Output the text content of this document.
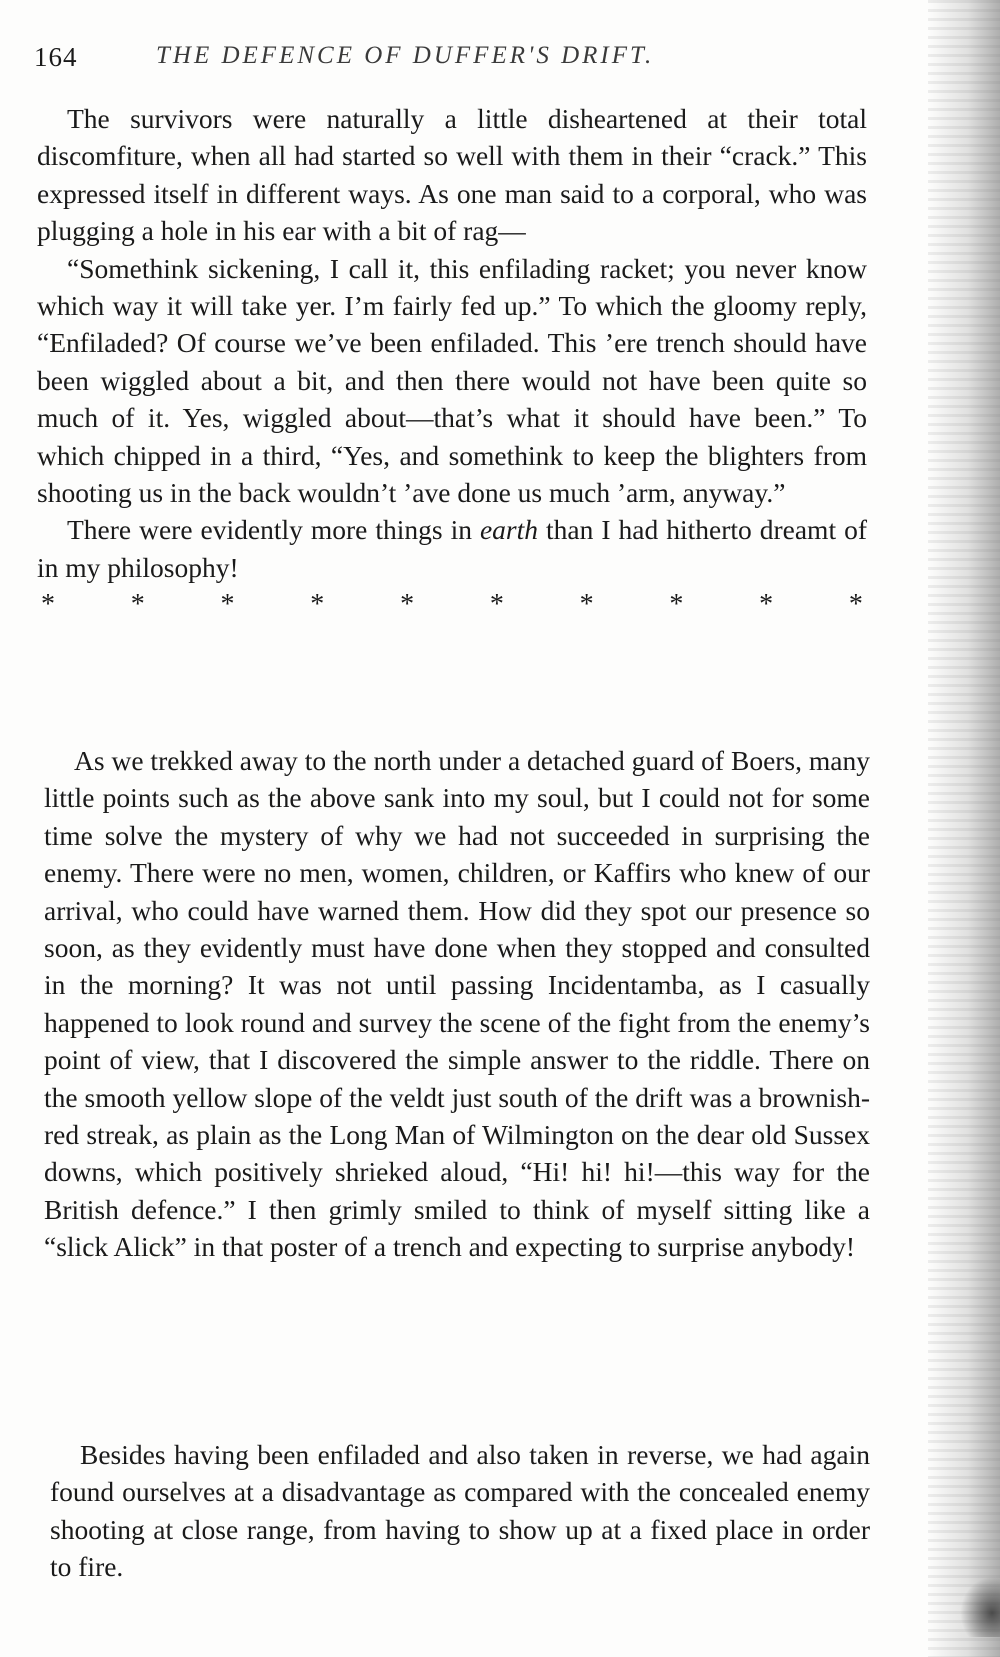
164	THE DEFENCE OF DUFFER'S DRIFT.

The survivors were naturally a little disheartened at their total discomfiture, when all had started so well with them in their “crack.” This expressed itself in different ways. As one man said to a corporal, who was plugging a hole in his ear with a bit of rag—

“Somethink sickening, I call it, this enfilading racket; you never know which way it will take yer. I’m fairly fed up.” To which the gloomy reply, “Enfiladed? Of course we’ve been enfiladed. This ’ere trench should have been wiggled about a bit, and then there would not have been quite so much of it. Yes, wiggled about—that’s what it should have been.” To which chipped in a third, “Yes, and somethink to keep the blighters from shooting us in the back wouldn’t ’ave done us much ’arm, anyway.”

There were evidently more things in earth than I had hitherto dreamt of in my philosophy!

*	*	*	*	*	*	*	*	*	*

As we trekked away to the north under a detached guard of Boers, many little points such as the above sank into my soul, but I could not for some time solve the mystery of why we had not succeeded in surprising the enemy. There were no men, women, children, or Kaffirs who knew of our arrival, who could have warned them. How did they spot our presence so soon, as they evidently must have done when they stopped and consulted in the morning? It was not until passing Incidentamba, as I casually happened to look round and survey the scene of the fight from the enemy’s point of view, that I discovered the simple answer to the riddle. There on the smooth yellow slope of the veldt just south of the drift was a brownish-red streak, as plain as the Long Man of Wilmington on the dear old Sussex downs, which positively shrieked aloud, “Hi! hi! hi!—this way for the British defence.” I then grimly smiled to think of myself sitting like a “slick Alick” in that poster of a trench and expecting to surprise anybody!

Besides having been enfiladed and also taken in reverse, we had again found ourselves at a disadvantage as compared with the concealed enemy shooting at close range, from having to show up at a fixed place in order to fire.
